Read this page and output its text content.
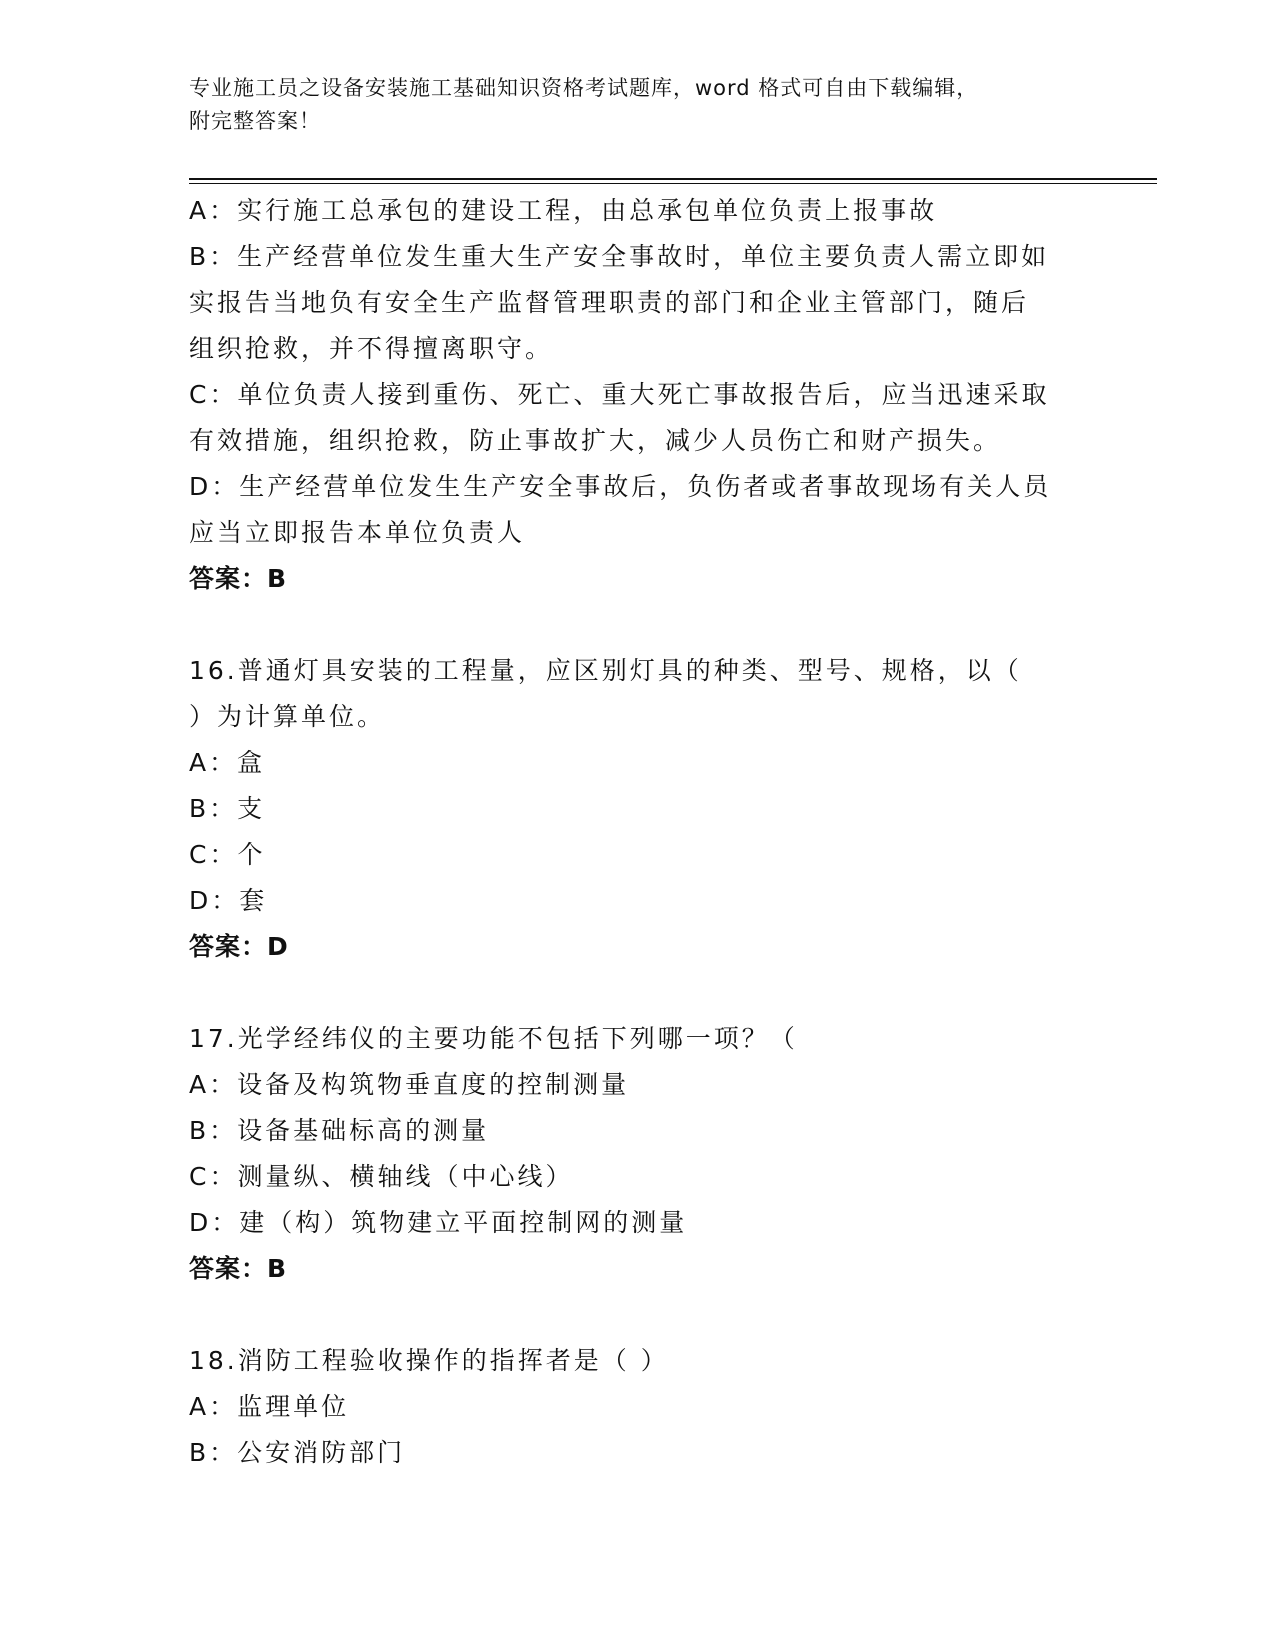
专业施工员之设备安装施工基础知识资格考试题库，word 格式可自由下载编辑，
附完整答案！

A：实行施工总承包的建设工程，由总承包单位负责上报事故

B：生产经营单位发生重大生产安全事故时，单位主要负责人需立即如

实报告当地负有安全生产监督管理职责的部门和企业主管部门，随后

组织抢救，并不得擅离职守。

C：单位负责人接到重伤、死亡、重大死亡事故报告后，应当迅速采取

有效措施，组织抢救，防止事故扩大，减少人员伤亡和财产损失。

D：生产经营单位发生生产安全事故后，负伤者或者事故现场有关人员

应当立即报告本单位负责人

答案：B

16.普通灯具安装的工程量，应区别灯具的种类、型号、规格，以（

）为计算单位。

A：盒

B：支

C：个

D：套

答案：D

17.光学经纬仪的主要功能不包括下列哪一项？（

A：设备及构筑物垂直度的控制测量

B：设备基础标高的测量

C：测量纵、横轴线（中心线）

D：建（构）筑物建立平面控制网的测量

答案：B

18.消防工程验收操作的指挥者是（ ）

A：监理单位

B：公安消防部门
